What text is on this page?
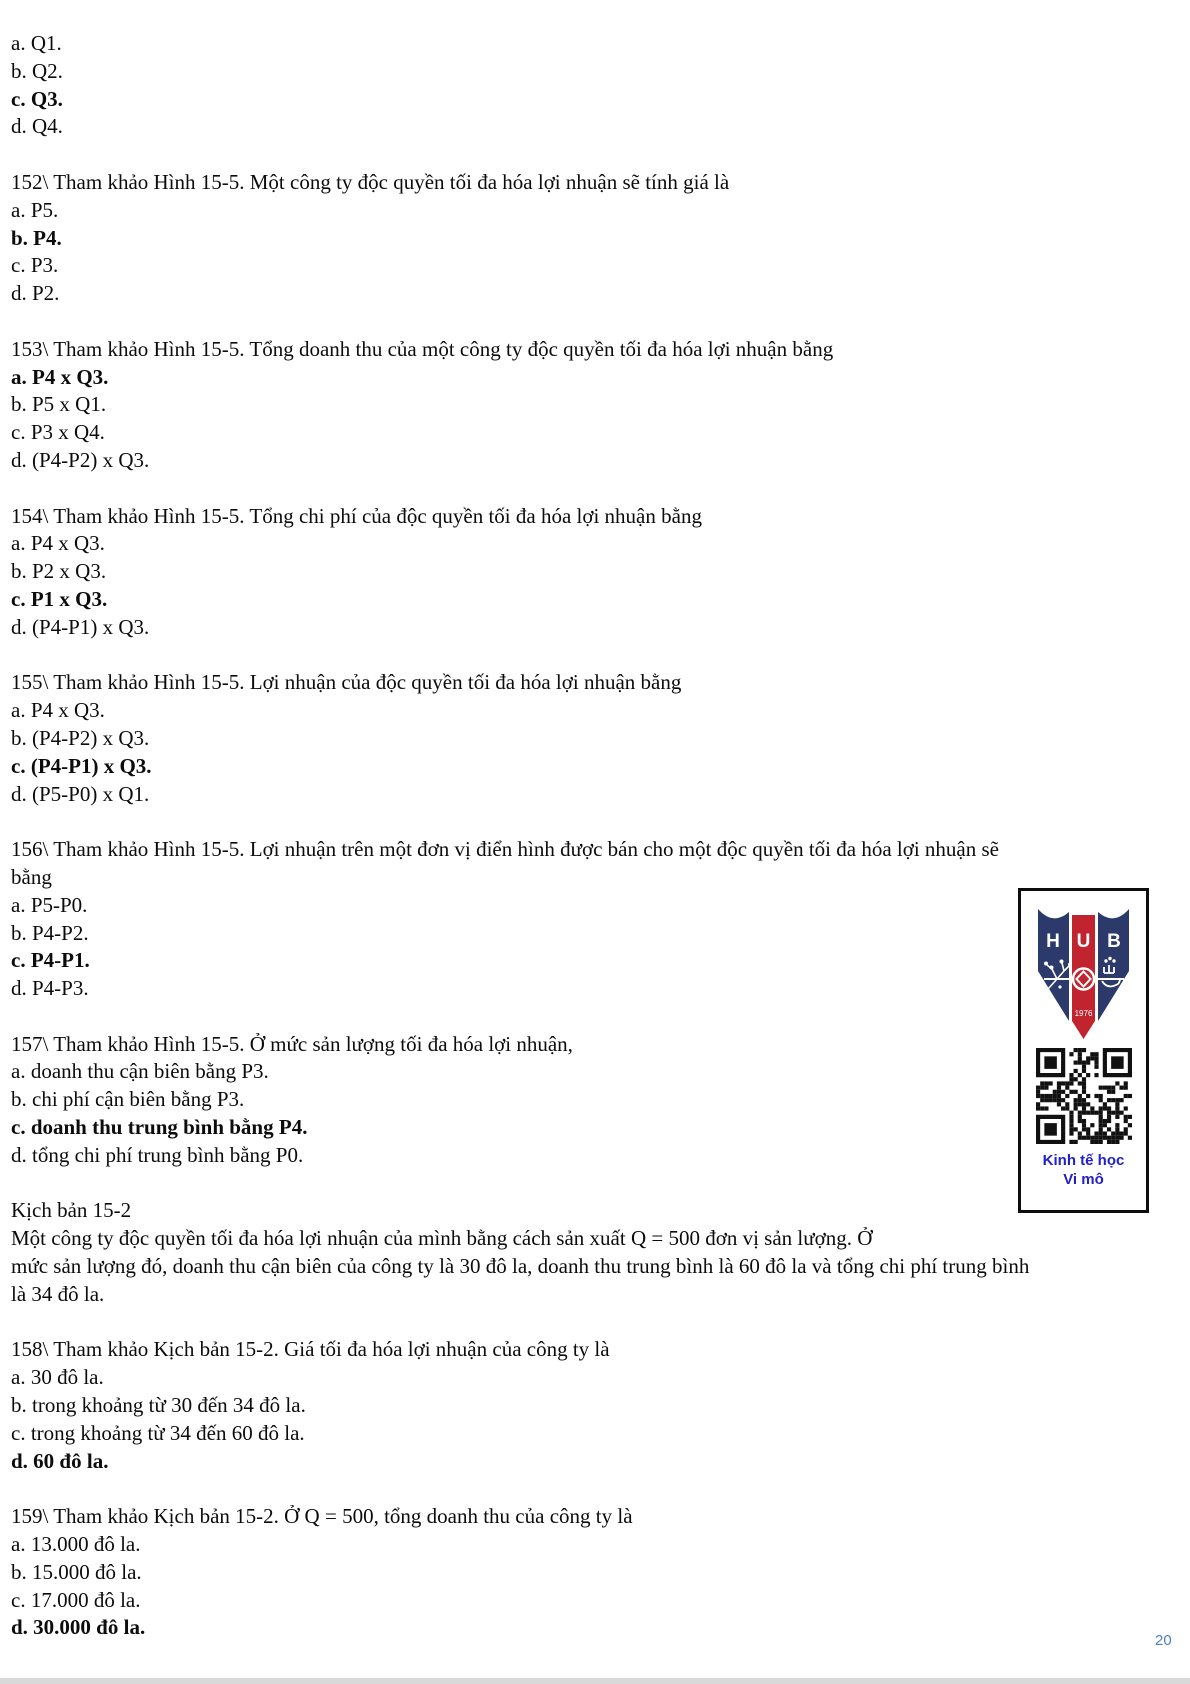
a. Q1.
b. Q2.
c. Q3.
d. Q4.
152\ Tham khảo Hình 15-5. Một công ty độc quyền tối đa hóa lợi nhuận sẽ tính giá là
a. P5.
b. P4.
c. P3.
d. P2.
153\ Tham khảo Hình 15-5. Tổng doanh thu của một công ty độc quyền tối đa hóa lợi nhuận bằng
a. P4 x Q3.
b. P5 x Q1.
c. P3 x Q4.
d. (P4-P2) x Q3.
154\ Tham khảo Hình 15-5. Tổng chi phí của độc quyền tối đa hóa lợi nhuận bằng
a. P4 x Q3.
b. P2 x Q3.
c. P1 x Q3.
d. (P4-P1) x Q3.
155\ Tham khảo Hình 15-5. Lợi nhuận của độc quyền tối đa hóa lợi nhuận bằng
a. P4 x Q3.
b. (P4-P2) x Q3.
c. (P4-P1) x Q3.
d. (P5-P0) x Q1.
156\ Tham khảo Hình 15-5. Lợi nhuận trên một đơn vị điển hình được bán cho một độc quyền tối đa hóa lợi nhuận sẽ
bằng
a. P5-P0.
b. P4-P2.
c. P4-P1.
d. P4-P3.
157\ Tham khảo Hình 15-5. Ở mức sản lượng tối đa hóa lợi nhuận,
a. doanh thu cận biên bằng P3.
b. chi phí cận biên bằng P3.
c. doanh thu trung bình bằng P4.
d. tổng chi phí trung bình bằng P0.
Kịch bản 15-2
Một công ty độc quyền tối đa hóa lợi nhuận của mình bằng cách sản xuất Q = 500 đơn vị sản lượng. Ở
mức sản lượng đó, doanh thu cận biên của công ty là 30 đô la, doanh thu trung bình là 60 đô la và tổng chi phí trung bình
là 34 đô la.
158\ Tham khảo Kịch bản 15-2. Giá tối đa hóa lợi nhuận của công ty là
a. 30 đô la.
b. trong khoảng từ 30 đến 34 đô la.
c. trong khoảng từ 34 đến 60 đô la.
d. 60 đô la.
159\ Tham khảo Kịch bản 15-2. Ở Q = 500, tổng doanh thu của công ty là
a. 13.000 đô la.
b. 15.000 đô la.
c. 17.000 đô la.
d. 30.000 đô la.
H U B
1976
Kinh tế học
Vi mô
20
